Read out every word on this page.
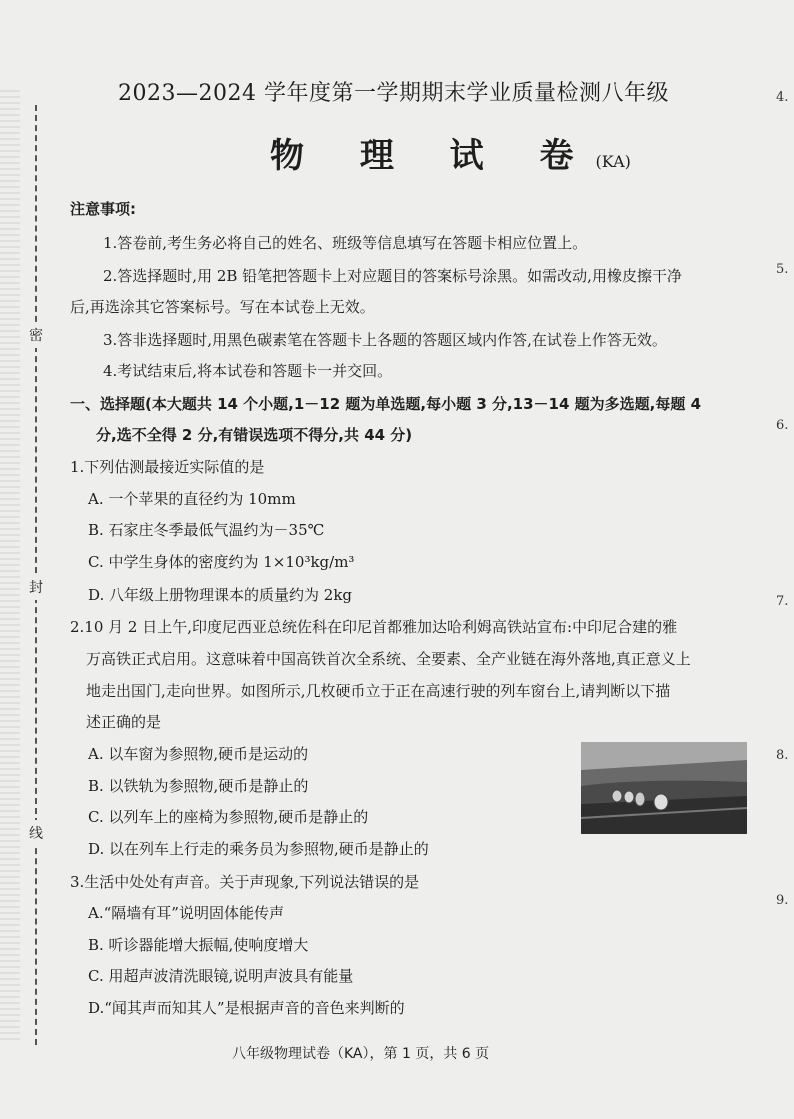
密
封
线
4.
5.
6.
7.
8.
9.
2023—2024 学年度第一学期期末学业质量检测八年级
物 理 试 卷(KA)
注意事项:
1.答卷前,考生务必将自己的姓名、班级等信息填写在答题卡相应位置上。
2.答选择题时,用 2B 铅笔把答题卡上对应题目的答案标号涂黑。如需改动,用橡皮擦干净
后,再选涂其它答案标号。写在本试卷上无效。
3.答非选择题时,用黑色碳素笔在答题卡上各题的答题区域内作答,在试卷上作答无效。
4.考试结束后,将本试卷和答题卡一并交回。
一、选择题(本大题共 14 个小题,1－12 题为单选题,每小题 3 分,13－14 题为多选题,每题 4
分,选不全得 2 分,有错误选项不得分,共 44 分)
1.下列估测最接近实际值的是
A. 一个苹果的直径约为 10mm
B. 石家庄冬季最低气温约为－35℃
C. 中学生身体的密度约为 1×10³kg/m³
D. 八年级上册物理课本的质量约为 2kg
2.10 月 2 日上午,印度尼西亚总统佐科在印尼首都雅加达哈利姆高铁站宣布:中印尼合建的雅
万高铁正式启用。这意味着中国高铁首次全系统、全要素、全产业链在海外落地,真正意义上
地走出国门,走向世界。如图所示,几枚硬币立于正在高速行驶的列车窗台上,请判断以下描
述正确的是
A. 以车窗为参照物,硬币是运动的
B. 以铁轨为参照物,硬币是静止的
C. 以列车上的座椅为参照物,硬币是静止的
D. 以在列车上行走的乘务员为参照物,硬币是静止的
3.生活中处处有声音。关于声现象,下列说法错误的是
A.“隔墙有耳”说明固体能传声
B. 听诊器能增大振幅,使响度增大
C. 用超声波清洗眼镜,说明声波具有能量
D.“闻其声而知其人”是根据声音的音色来判断的
八年级物理试卷（KA），第 1 页，共 6 页
